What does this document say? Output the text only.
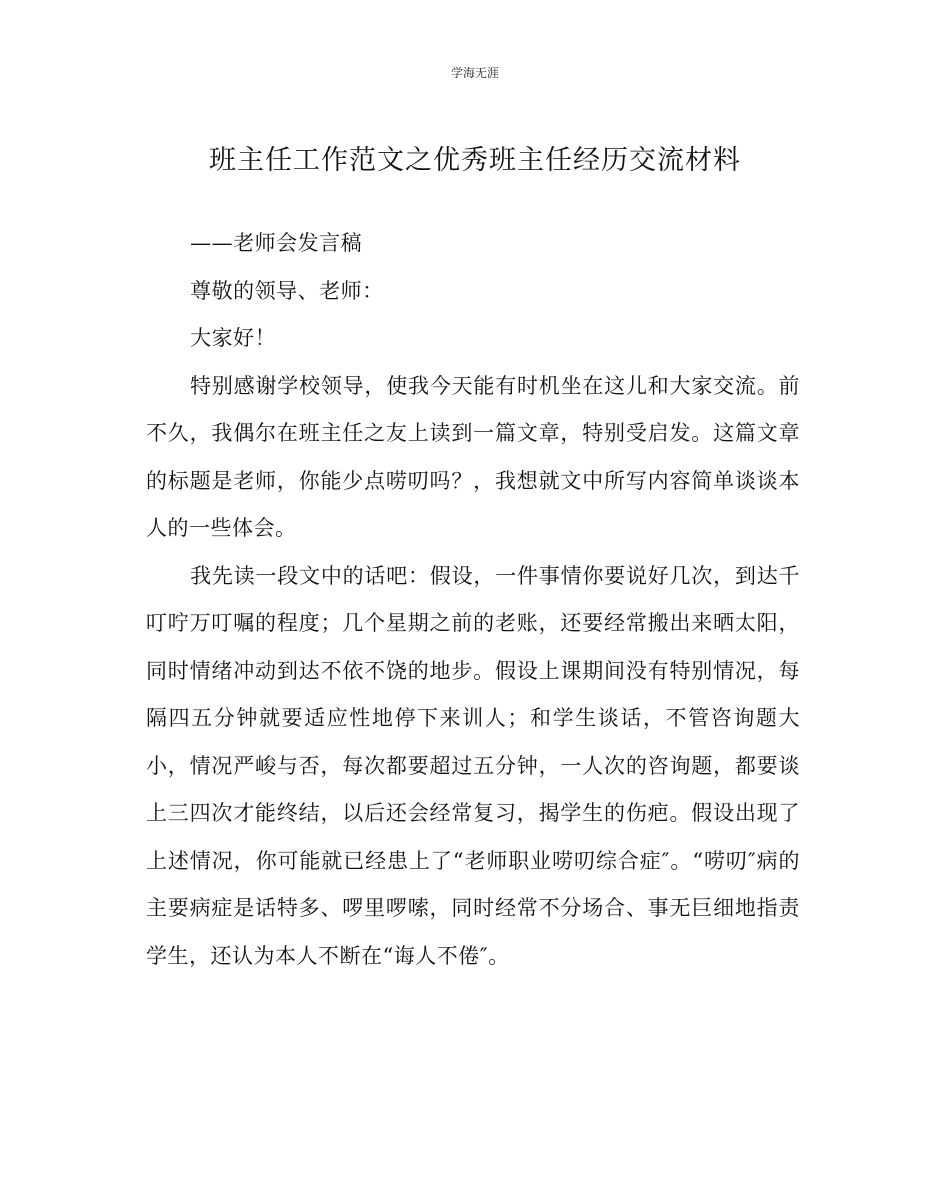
学海无涯
班主任工作范文之优秀班主任经历交流材料

——老师会发言稿

尊敬的领导、老师：

大家好！

特别感谢学校领导，使我今天能有时机坐在这儿和大家交流。前不久，我偶尔在班主任之友上读到一篇文章，特别受启发。这篇文章的标题是老师，你能少点唠叨吗？，我想就文中所写内容简单谈谈本人的一些体会。

我先读一段文中的话吧：假设，一件事情你要说好几次，到达千叮咛万叮嘱的程度；几个星期之前的老账，还要经常搬出来晒太阳，同时情绪冲动到达不依不饶的地步。假设上课期间没有特别情况，每隔四五分钟就要适应性地停下来训人；和学生谈话，不管咨询题大小，情况严峻与否，每次都要超过五分钟，一人次的咨询题，都要谈上三四次才能终结，以后还会经常复习，揭学生的伤疤。假设出现了上述情况，你可能就已经患上了“老师职业唠叨综合症″。“唠叨″病的主要病症是话特多、啰里啰嗦，同时经常不分场合、事无巨细地指责学生，还认为本人不断在“诲人不倦″。
